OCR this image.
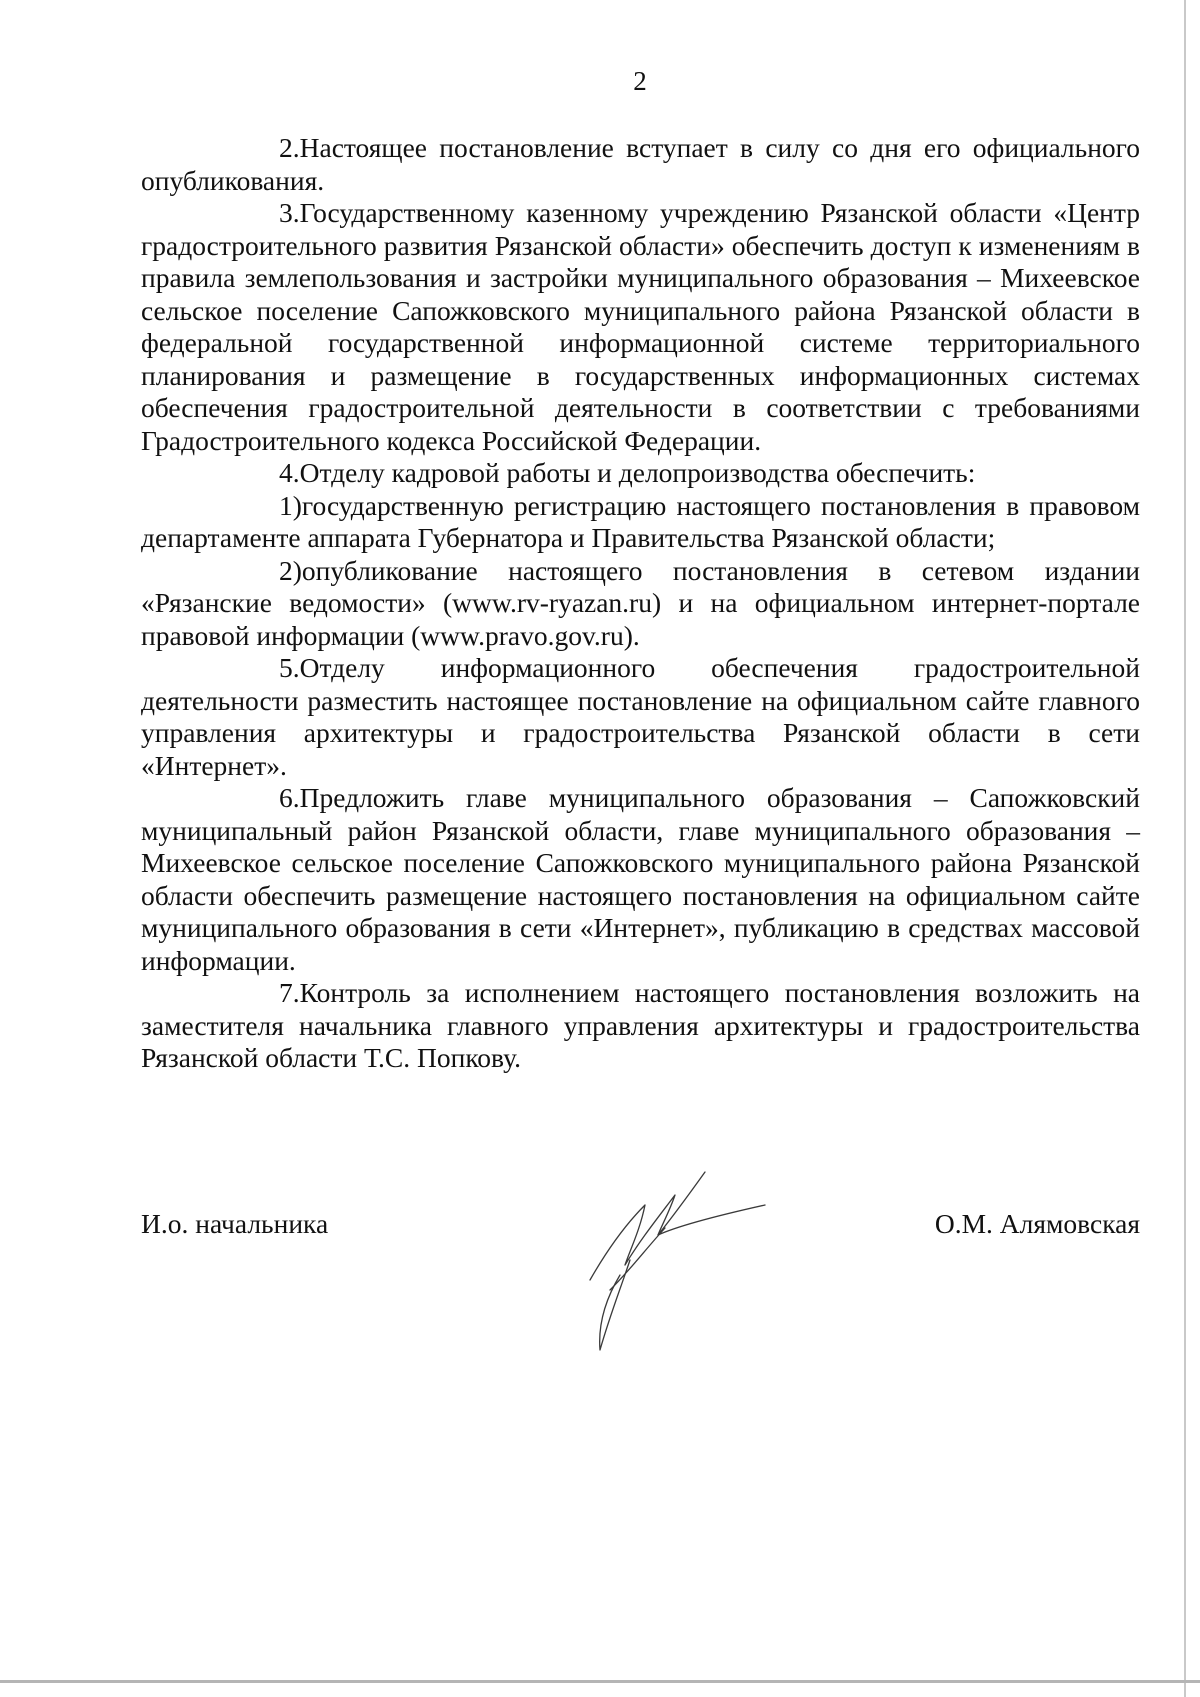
2

2.Настоящее постановление вступает в силу со дня его официального опубликования.

3.Государственному казенному учреждению Рязанской области «Центр градостроительного развития Рязанской области» обеспечить доступ к изменениям в правила землепользования и застройки муниципального образования – Михеевское сельское поселение Сапожковского муниципального района Рязанской области в федеральной государственной информационной системе территориального планирования и размещение в государственных информационных системах обеспечения градостроительной деятельности в соответствии с требованиями Градостроительного кодекса Российской Федерации.

4.Отделу кадровой работы и делопроизводства обеспечить:

1)государственную регистрацию настоящего постановления в правовом департаменте аппарата Губернатора и Правительства Рязанской области;

2)опубликование настоящего постановления в сетевом издании «Рязанские ведомости» (www.rv-ryazan.ru) и на официальном интернет-портале правовой информации (www.pravo.gov.ru).

5.Отделу информационного обеспечения градостроительной деятельности разместить настоящее постановление на официальном сайте главного управления архитектуры и градостроительства Рязанской области в сети «Интернет».

6.Предложить главе муниципального образования – Сапожковский муниципальный район Рязанской области, главе муниципального образования – Михеевское сельское поселение Сапожковского муниципального района Рязанской области обеспечить размещение настоящего постановления на официальном сайте муниципального образования в сети «Интернет», публикацию в средствах массовой информации.

7.Контроль за исполнением настоящего постановления возложить на заместителя начальника главного управления архитектуры и градостроительства Рязанской области Т.С. Попкову.

И.о. начальника	О.М. Алямовская
